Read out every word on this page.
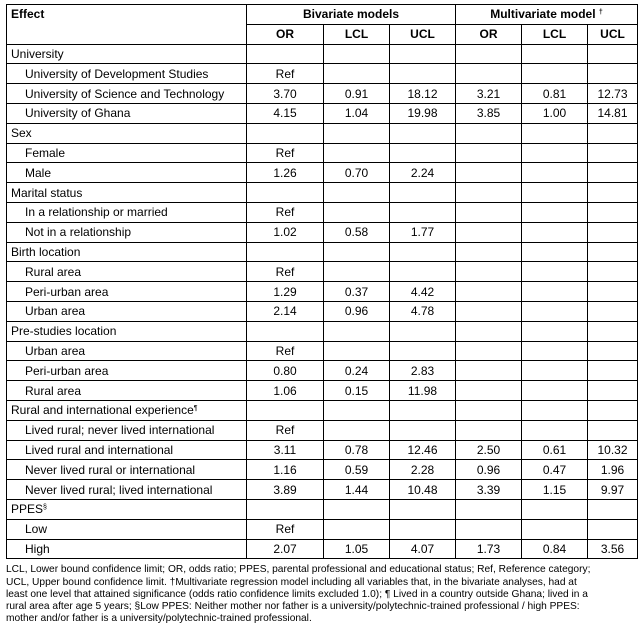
Effect	Bivariate models			Multivariate model †
	OR	LCL	UCL	OR	LCL	UCL
University						
University of Development Studies	Ref					
University of Science and Technology	3.70	0.91	18.12	3.21	0.81	12.73
University of Ghana	4.15	1.04	19.98	3.85	1.00	14.81
Sex						
Female	Ref					
Male	1.26	0.70	2.24			
Marital status						
In a relationship or married	Ref					
Not in a relationship	1.02	0.58	1.77			
Birth location						
Rural area	Ref					
Peri-urban area	1.29	0.37	4.42			
Urban area	2.14	0.96	4.78			
Pre-studies location						
Urban area	Ref					
Peri-urban area	0.80	0.24	2.83			
Rural area	1.06	0.15	11.98			
Rural and international experience¶						
Lived rural; never lived international	Ref					
Lived rural and international	3.11	0.78	12.46	2.50	0.61	10.32
Never lived rural or international	1.16	0.59	2.28	0.96	0.47	1.96
Never lived rural; lived international	3.89	1.44	10.48	3.39	1.15	9.97
PPES§						
Low	Ref					
High	2.07	1.05	4.07	1.73	0.84	3.56
LCL, Lower bound confidence limit; OR, odds ratio; PPES, parental professional and educational status; Ref, Reference category;
UCL, Upper bound confidence limit. †Multivariate regression model including all variables that, in the bivariate analyses, had at
least one level that attained significance (odds ratio confidence limits excluded 1.0); ¶ Lived in a country outside Ghana; lived in a
rural area after age 5 years; §Low PPES: Neither mother nor father is a university/polytechnic-trained professional / high PPES:
mother and/or father is a university/polytechnic-trained professional.
